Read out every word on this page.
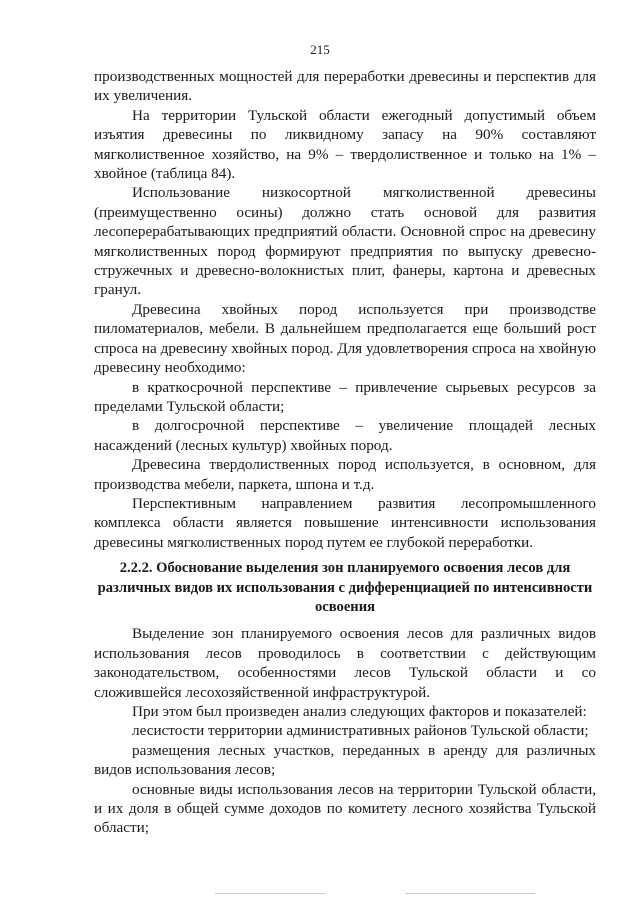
215

производственных мощностей для переработки древесины и перспектив для их увеличения.

На территории Тульской области ежегодный допустимый объем изъятия древесины по ликвидному запасу на 90% составляют мягколиственное хозяйство, на 9% – твердолиственное и только на 1% – хвойное (таблица 84).

Использование низкосортной мягколиственной древесины (преимущественно осины) должно стать основой для развития лесоперерабатывающих предприятий области. Основной спрос на древесину мягколиственных пород формируют предприятия по выпуску древесно-стружечных и древесно-волокнистых плит, фанеры, картона и древесных гранул.

Древесина хвойных пород используется при производстве пиломатериалов, мебели. В дальнейшем предполагается еще больший рост спроса на древесину хвойных пород. Для удовлетворения спроса на хвойную древесину необходимо:

в краткосрочной перспективе – привлечение сырьевых ресурсов за пределами Тульской области;

в долгосрочной перспективе – увеличение площадей лесных насаждений (лесных культур) хвойных пород.

Древесина твердолиственных пород используется, в основном, для производства мебели, паркета, шпона и т.д.

Перспективным направлением развития лесопромышленного комплекса области является повышение интенсивности использования древесины мягколиственных пород путем ее глубокой переработки.

2.2.2. Обоснование выделения зон планируемого освоения лесов для различных видов их использования с дифференциацией по интенсивности освоения

Выделение зон планируемого освоения лесов для различных видов использования лесов проводилось в соответствии с действующим законодательством, особенностями лесов Тульской области и со сложившейся лесохозяйственной инфраструктурой.

При этом был произведен анализ следующих факторов и показателей:

лесистости территории административных районов Тульской области;

размещения лесных участков, переданных в аренду для различных видов использования лесов;

основные виды использования лесов на территории Тульской области, и их доля в общей сумме доходов по комитету лесного хозяйства Тульской области;
